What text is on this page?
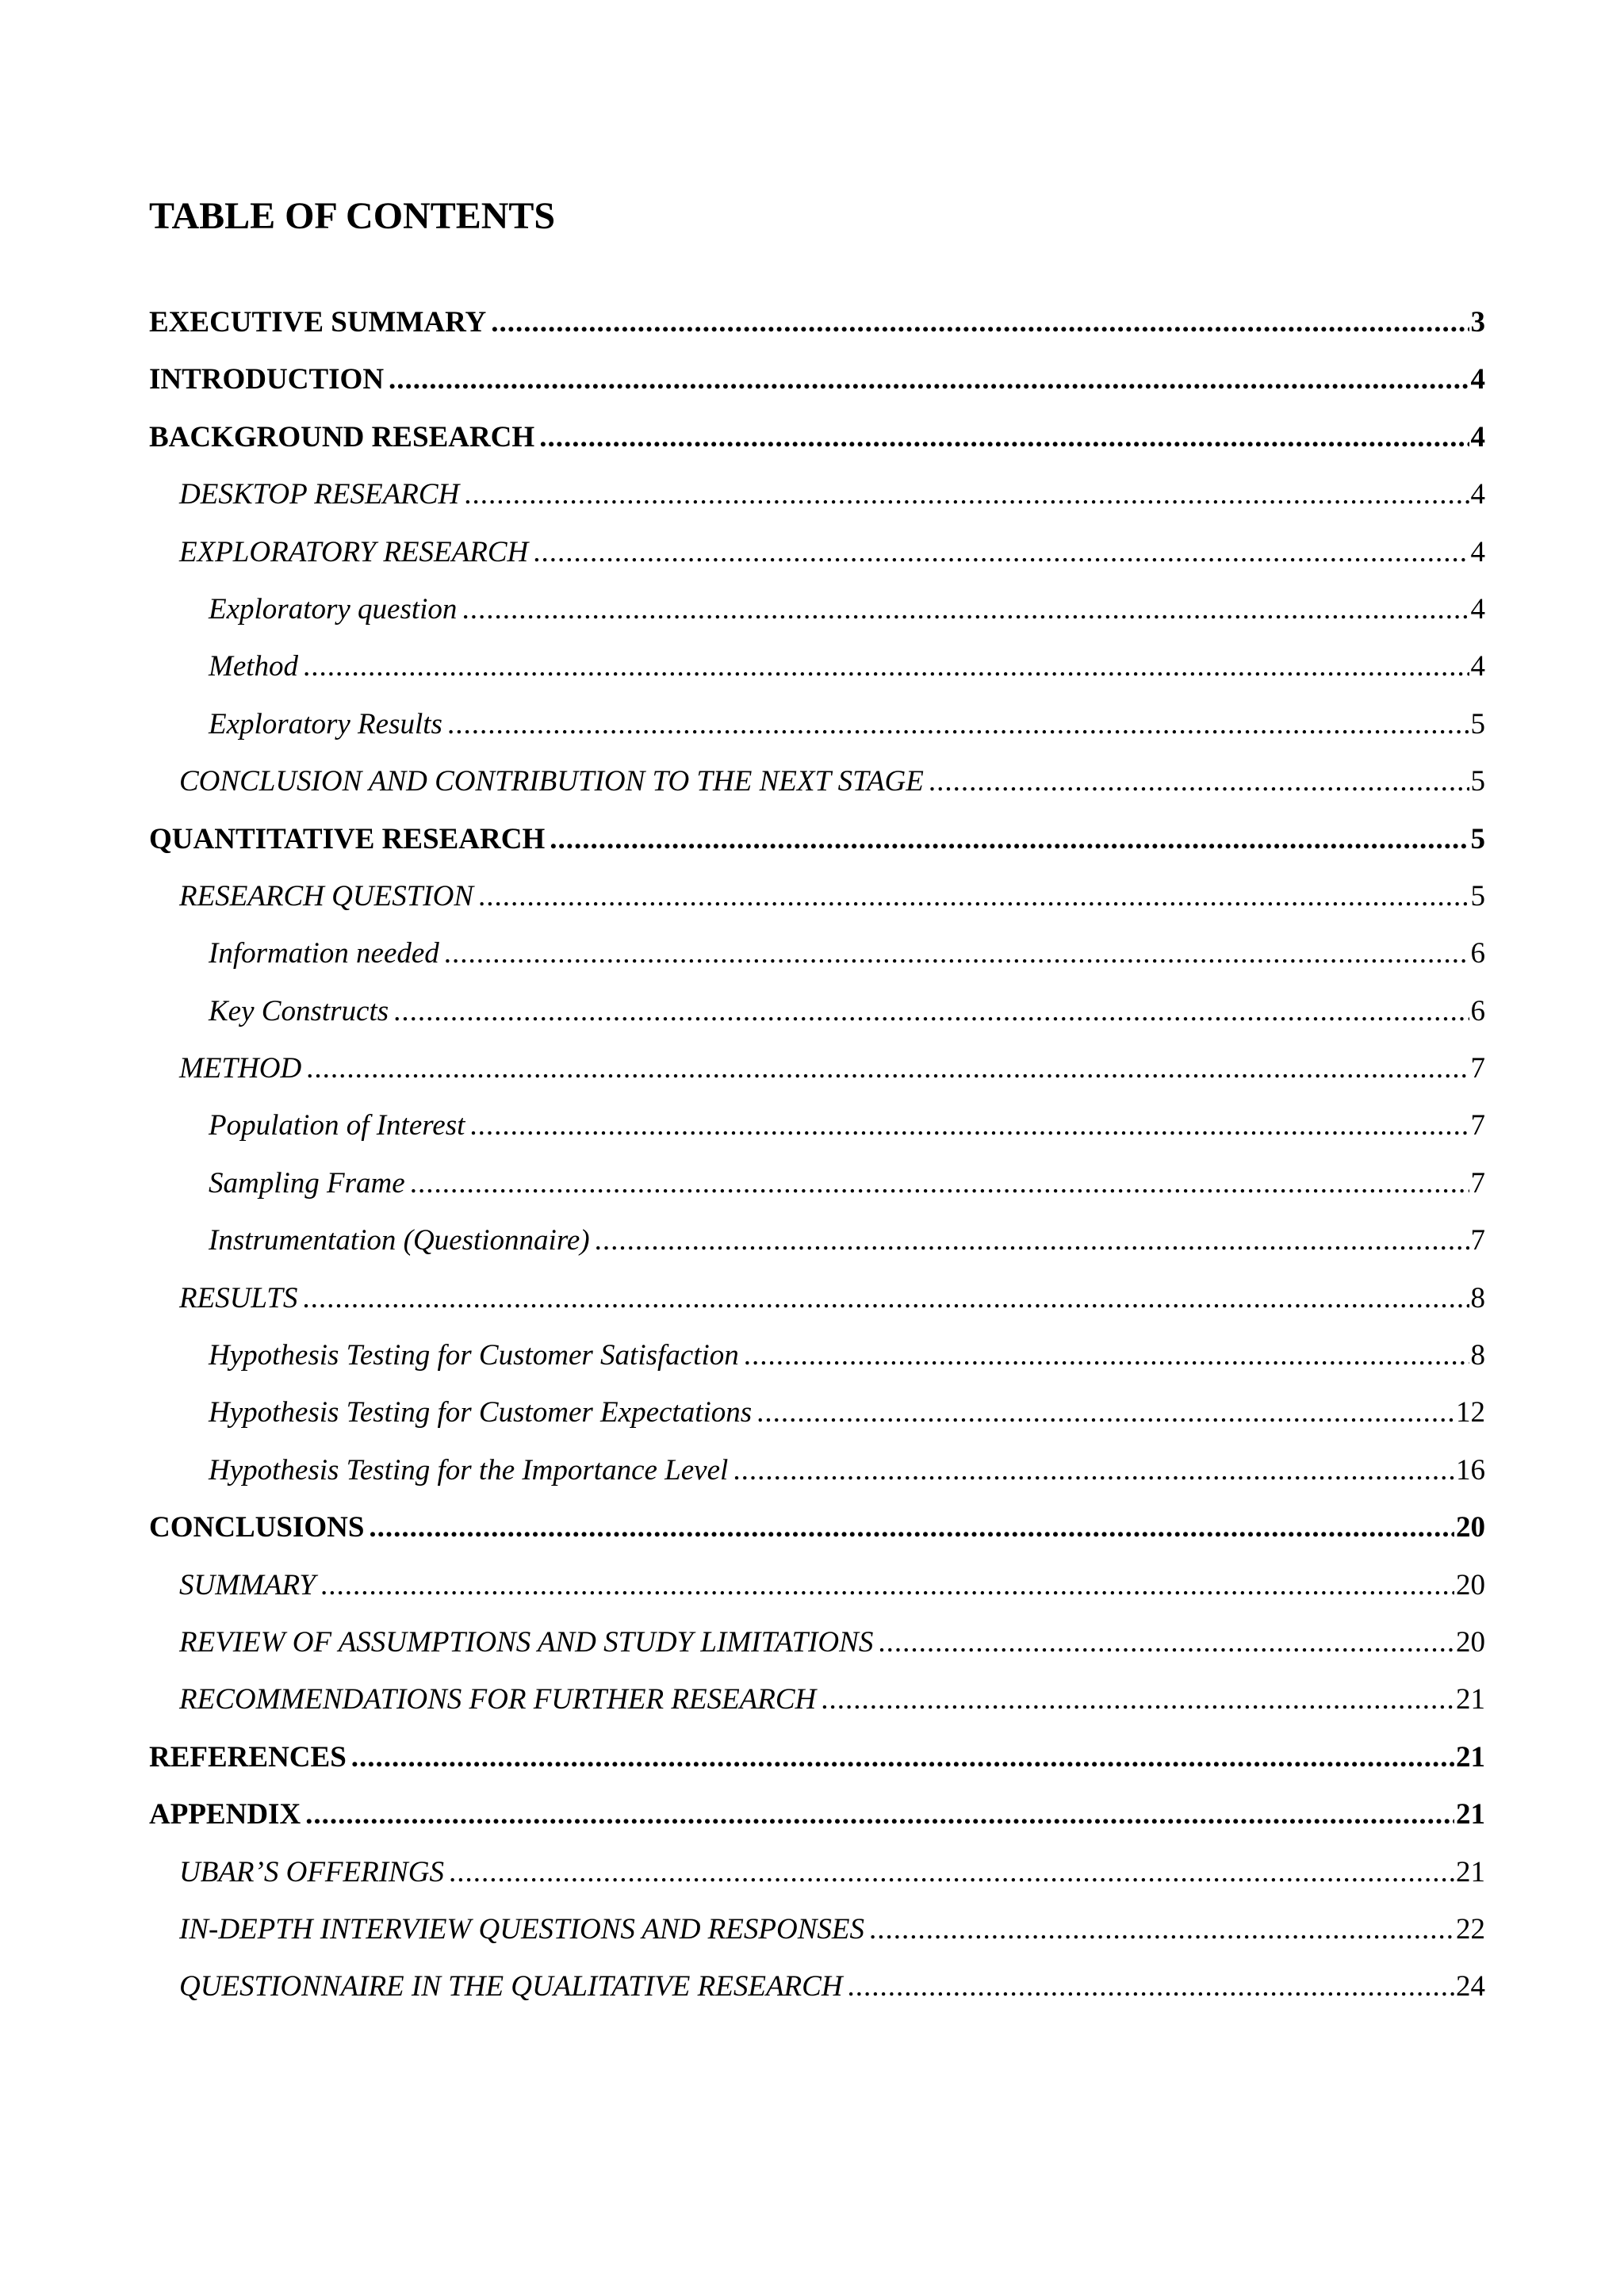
TABLE OF CONTENTS
EXECUTIVE SUMMARY .....	3
INTRODUCTION .....	4
BACKGROUND RESEARCH .....	4
DESKTOP RESEARCH .....	4
EXPLORATORY RESEARCH .....	4
Exploratory question .....	4
Method .....	4
Exploratory Results .....	5
CONCLUSION AND CONTRIBUTION TO THE NEXT STAGE .....	5
QUANTITATIVE RESEARCH .....	5
RESEARCH QUESTION .....	5
Information needed .....	6
Key Constructs .....	6
METHOD .....	7
Population of Interest .....	7
Sampling Frame .....	7
Instrumentation (Questionnaire) .....	7
RESULTS .....	8
Hypothesis Testing for Customer Satisfaction .....	8
Hypothesis Testing for Customer Expectations .....	12
Hypothesis Testing for the Importance Level .....	16
CONCLUSIONS .....	20
SUMMARY .....	20
REVIEW OF ASSUMPTIONS AND STUDY LIMITATIONS .....	20
RECOMMENDATIONS FOR FURTHER RESEARCH .....	21
REFERENCES .....	21
APPENDIX .....	21
UBAR’S OFFERINGS .....	21
IN-DEPTH INTERVIEW QUESTIONS AND RESPONSES .....	22
QUESTIONNAIRE IN THE QUALITATIVE RESEARCH .....	24
